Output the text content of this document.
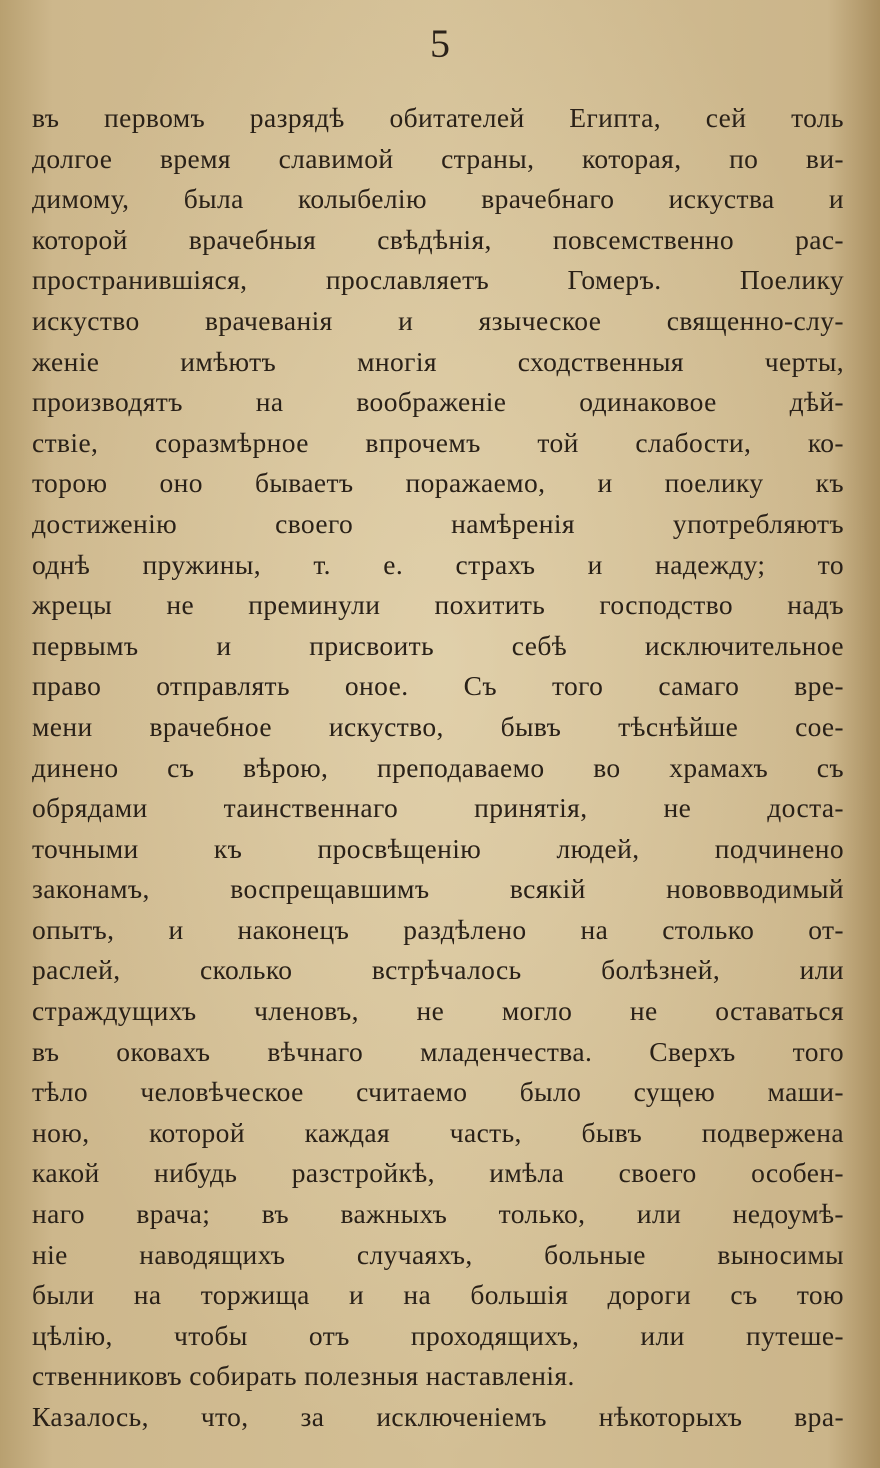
5
въ первомъ разрядѣ обитателей Египта, сей толь
долгое время славимой страны, которая, по ви-
димому, была колыбелію врачебнаго искуства и
которой врачебныя свѣдѣнія, повсемственно рас-
пространившіяся, прославляетъ Гомеръ. Поелику
искуство врачеванія и языческое священно-слу-
женіе имѣютъ многія сходственныя черты,
производятъ на воображеніе одинаковое дѣй-
ствіе, соразмѣрное впрочемъ той слабости, ко-
торою оно бываетъ поражаемо, и поелику къ
достиженію своего намѣренія употребляютъ
однѣ пружины, т. е. страхъ и надежду; то
жрецы не преминули похитить господство надъ
первымъ и присвоить себѣ исключительное
право отправлять оное. Съ того самаго вре-
мени врачебное искуство, бывъ тѣснѣйше соe-
динено съ вѣрою, преподаваемо во храмахъ съ
обрядами таинственнаго принятія, не доста-
точными къ просвѣщенію людей, подчинено
законамъ, воспрещавшимъ всякій нововводимый
опытъ, и наконецъ раздѣлено на столько от-
раслей, сколько встрѣчалось болѣзней, или
страждущихъ членовъ, не могло не оставаться
въ оковахъ вѣчнаго младенчества. Сверхъ того
тѣло человѣческое считаемо было сущею маши-
ною, которой каждая часть, бывъ подвержена
какой нибудь разстройкѣ, имѣла своего особен-
наго врача; въ важныхъ только, или недоумѣ-
ніе наводящихъ случаяхъ, больные выносимы
были на торжища и на большія дороги съ тою
цѣлію, чтобы отъ проходящихъ, или путеше-
ственниковъ собирать полезныя наставленія.
Казалось, что, за исключеніемъ нѣкоторыхъ вра-
